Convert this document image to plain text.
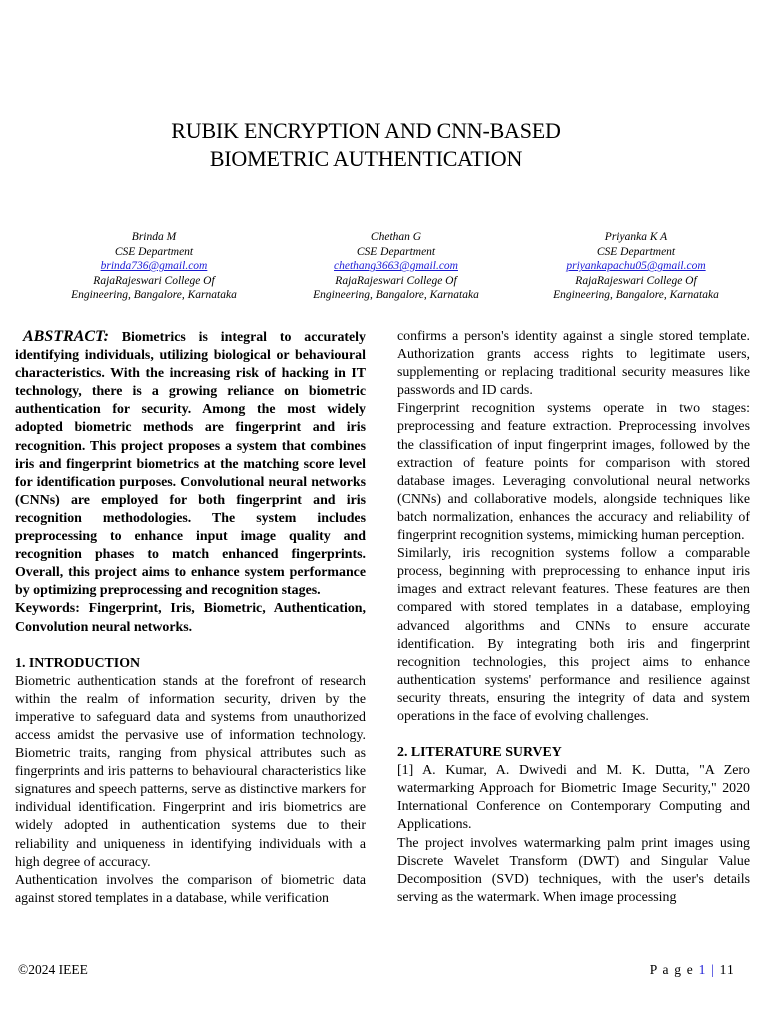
RUBIK ENCRYPTION AND CNN-BASED
BIOMETRIC AUTHENTICATION
Brinda M
CSE Department
brinda736@gmail.com
RajaRajeswari College Of
Engineering, Bangalore, Karnataka
Chethan G
CSE Department
chethang3663@gmail.com
RajaRajeswari College Of
Engineering, Bangalore, Karnataka
Priyanka K A
CSE Department
priyankapachu05@gmail.com
RajaRajeswari College Of
Engineering, Bangalore, Karnataka

ABSTRACT: Biometrics is integral to accurately identifying individuals, utilizing biological or behavioural characteristics. With the increasing risk of hacking in IT technology, there is a growing reliance on biometric authentication for security. Among the most widely adopted biometric methods are fingerprint and iris recognition. This project proposes a system that combines iris and fingerprint biometrics at the matching score level for identification purposes. Convolutional neural networks (CNNs) are employed for both fingerprint and iris recognition methodologies. The system includes preprocessing to enhance input image quality and recognition phases to match enhanced fingerprints. Overall, this project aims to enhance system performance by optimizing preprocessing and recognition stages.

Keywords: Fingerprint, Iris, Biometric, Authentication, Convolution neural networks.

1. INTRODUCTION

Biometric authentication stands at the forefront of research within the realm of information security, driven by the imperative to safeguard data and systems from unauthorized access amidst the pervasive use of information technology. Biometric traits, ranging from physical attributes such as fingerprints and iris patterns to behavioural characteristics like signatures and speech patterns, serve as distinctive markers for individual identification. Fingerprint and iris biometrics are widely adopted in authentication systems due to their reliability and uniqueness in identifying individuals with a high degree of accuracy.

Authentication involves the comparison of biometric data against stored templates in a database, while verification

confirms a person's identity against a single stored template. Authorization grants access rights to legitimate users, supplementing or replacing traditional security measures like passwords and ID cards.

Fingerprint recognition systems operate in two stages: preprocessing and feature extraction. Preprocessing involves the classification of input fingerprint images, followed by the extraction of feature points for comparison with stored database images. Leveraging convolutional neural networks (CNNs) and collaborative models, alongside techniques like batch normalization, enhances the accuracy and reliability of fingerprint recognition systems, mimicking human perception.

Similarly, iris recognition systems follow a comparable process, beginning with preprocessing to enhance input iris images and extract relevant features. These features are then compared with stored templates in a database, employing advanced algorithms and CNNs to ensure accurate identification. By integrating both iris and fingerprint recognition technologies, this project aims to enhance authentication systems' performance and resilience against security threats, ensuring the integrity of data and system operations in the face of evolving challenges.

2. LITERATURE SURVEY

[1] A. Kumar, A. Dwivedi and M. K. Dutta, "A Zero watermarking Approach for Biometric Image Security," 2020 International Conference on Contemporary Computing and Applications.

The project involves watermarking palm print images using Discrete Wavelet Transform (DWT) and Singular Value Decomposition (SVD) techniques, with the user's details serving as the watermark. When image processing

©2024 IEEE	P a g e 1 | 11
